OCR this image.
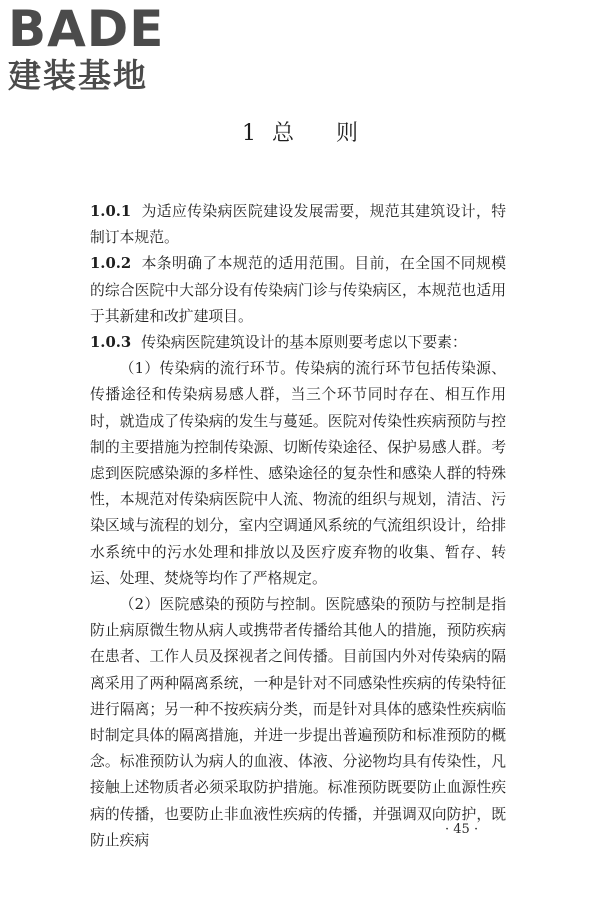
BADE
建装基地
1 总 则

1.0.1 为适应传染病医院建设发展需要，规范其建筑设计，特制订本规范。

1.0.2 本条明确了本规范的适用范围。目前，在全国不同规模的综合医院中大部分设有传染病门诊与传染病区，本规范也适用于其新建和改扩建项目。

1.0.3 传染病医院建筑设计的基本原则要考虑以下要素：

（1）传染病的流行环节。传染病的流行环节包括传染源、传播途径和传染病易感人群，当三个环节同时存在、相互作用时，就造成了传染病的发生与蔓延。医院对传染性疾病预防与控制的主要措施为控制传染源、切断传染途径、保护易感人群。考虑到医院感染源的多样性、感染途径的复杂性和感染人群的特殊性，本规范对传染病医院中人流、物流的组织与规划，清洁、污染区域与流程的划分，室内空调通风系统的气流组织设计，给排水系统中的污水处理和排放以及医疗废弃物的收集、暂存、转运、处理、焚烧等均作了严格规定。

（2）医院感染的预防与控制。医院感染的预防与控制是指防止病原微生物从病人或携带者传播给其他人的措施，预防疾病在患者、工作人员及探视者之间传播。目前国内外对传染病的隔离采用了两种隔离系统，一种是针对不同感染性疾病的传染特征进行隔离；另一种不按疾病分类，而是针对具体的感染性疾病临时制定具体的隔离措施，并进一步提出普遍预防和标准预防的概念。标准预防认为病人的血液、体液、分泌物均具有传染性，凡接触上述物质者必须采取防护措施。标准预防既要防止血源性疾病的传播，也要防止非血液性疾病的传播，并强调双向防护，既防止疾病

· 45 ·
